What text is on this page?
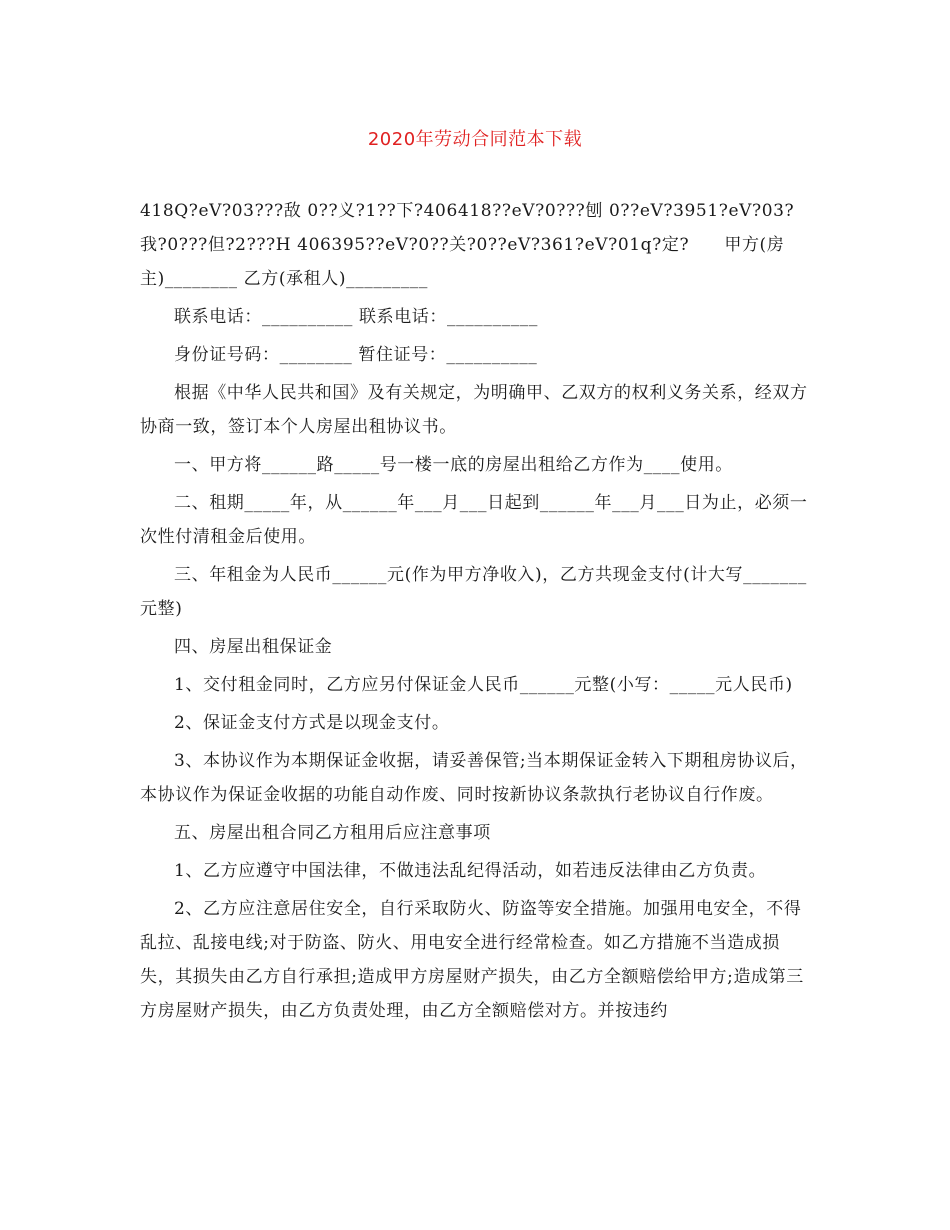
2020年劳动合同范本下载

418Q?eV?03???敌 0??义?1??下?406418??eV?0???刨 0??eV?3951?eV?03?我?0???但?2???H 406395??eV?0??关?0??eV?361?eV?01q?定?　　甲方(房 主)________ 乙方(承租人)_________

联系电话：__________ 联系电话：__________

身份证号码：________ 暂住证号：__________

根据《中华人民共和国》及有关规定，为明确甲、乙双方的权利义务关系，经双方协商一致，签订本个人房屋出租协议书。

一、甲方将______路_____号一楼一底的房屋出租给乙方作为____使用。

二、租期_____年，从______年___月___日起到______年___月___日为止，必须一次性付清租金后使用。

三、年租金为人民币______元(作为甲方净收入)，乙方共现金支付(计大写_______元整)

四、房屋出租保证金

1、交付租金同时，乙方应另付保证金人民币______元整(小写：_____元人民币)

2、保证金支付方式是以现金支付。

3、本协议作为本期保证金收据，请妥善保管;当本期保证金转入下期租房协议后，本协议作为保证金收据的功能自动作废、同时按新协议条款执行老协议自行作废。

五、房屋出租合同乙方租用后应注意事项

1、乙方应遵守中国法律，不做违法乱纪得活动，如若违反法律由乙方负责。

2、乙方应注意居住安全，自行采取防火、防盗等安全措施。加强用电安全，不得乱拉、乱接电线;对于防盗、防火、用电安全进行经常检查。如乙方措施不当造成损失，其损失由乙方自行承担;造成甲方房屋财产损失，由乙方全额赔偿给甲方;造成第三方房屋财产损失，由乙方负责处理，由乙方全额赔偿对方。并按违约
